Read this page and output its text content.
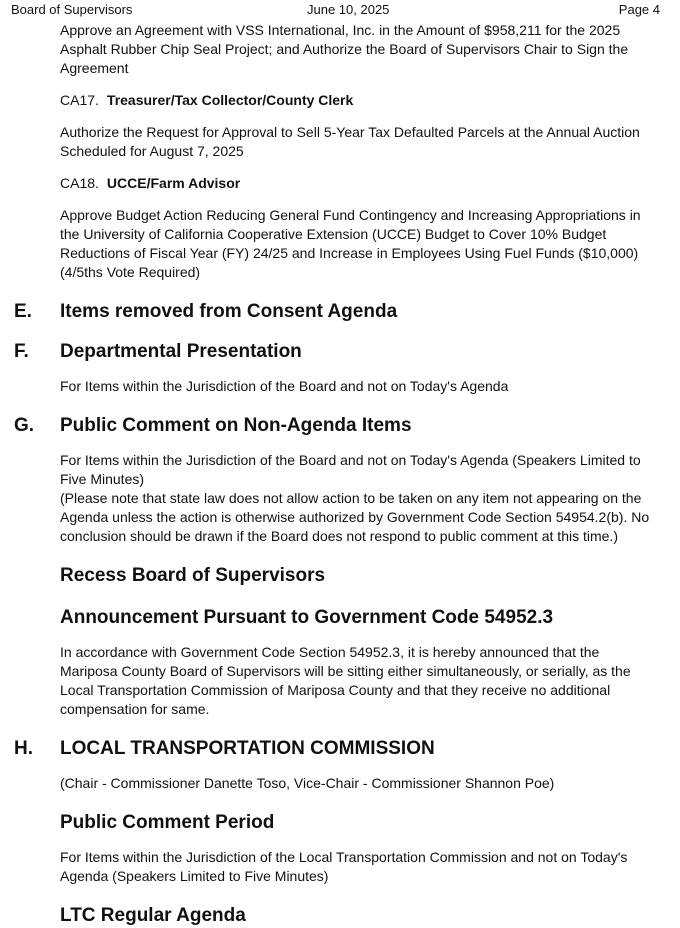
Board of Supervisors	June 10, 2025	Page 4

Approve an Agreement with VSS International, Inc. in the Amount of $958,211 for the 2025 Asphalt Rubber Chip Seal Project; and Authorize the Board of Supervisors Chair to Sign the Agreement

CA17. Treasurer/Tax Collector/County Clerk

Authorize the Request for Approval to Sell 5-Year Tax Defaulted Parcels at the Annual Auction Scheduled for August 7, 2025

CA18. UCCE/Farm Advisor

Approve Budget Action Reducing General Fund Contingency and Increasing Appropriations in the University of California Cooperative Extension (UCCE) Budget to Cover 10% Budget Reductions of Fiscal Year (FY) 24/25 and Increase in Employees Using Fuel Funds ($10,000) (4/5ths Vote Required)

E. Items removed from Consent Agenda
F. Departmental Presentation

For Items within the Jurisdiction of the Board and not on Today's Agenda

G. Public Comment on Non-Agenda Items

For Items within the Jurisdiction of the Board and not on Today's Agenda (Speakers Limited to Five Minutes)

(Please note that state law does not allow action to be taken on any item not appearing on the Agenda unless the action is otherwise authorized by Government Code Section 54954.2(b). No conclusion should be drawn if the Board does not respond to public comment at this time.)

Recess Board of Supervisors
Announcement Pursuant to Government Code 54952.3

In accordance with Government Code Section 54952.3, it is hereby announced that the Mariposa County Board of Supervisors will be sitting either simultaneously, or serially, as the Local Transportation Commission of Mariposa County and that they receive no additional compensation for same.

H. LOCAL TRANSPORTATION COMMISSION

(Chair - Commissioner Danette Toso, Vice-Chair - Commissioner Shannon Poe)

Public Comment Period

For Items within the Jurisdiction of the Local Transportation Commission and not on Today's Agenda (Speakers Limited to Five Minutes)

LTC Regular Agenda
